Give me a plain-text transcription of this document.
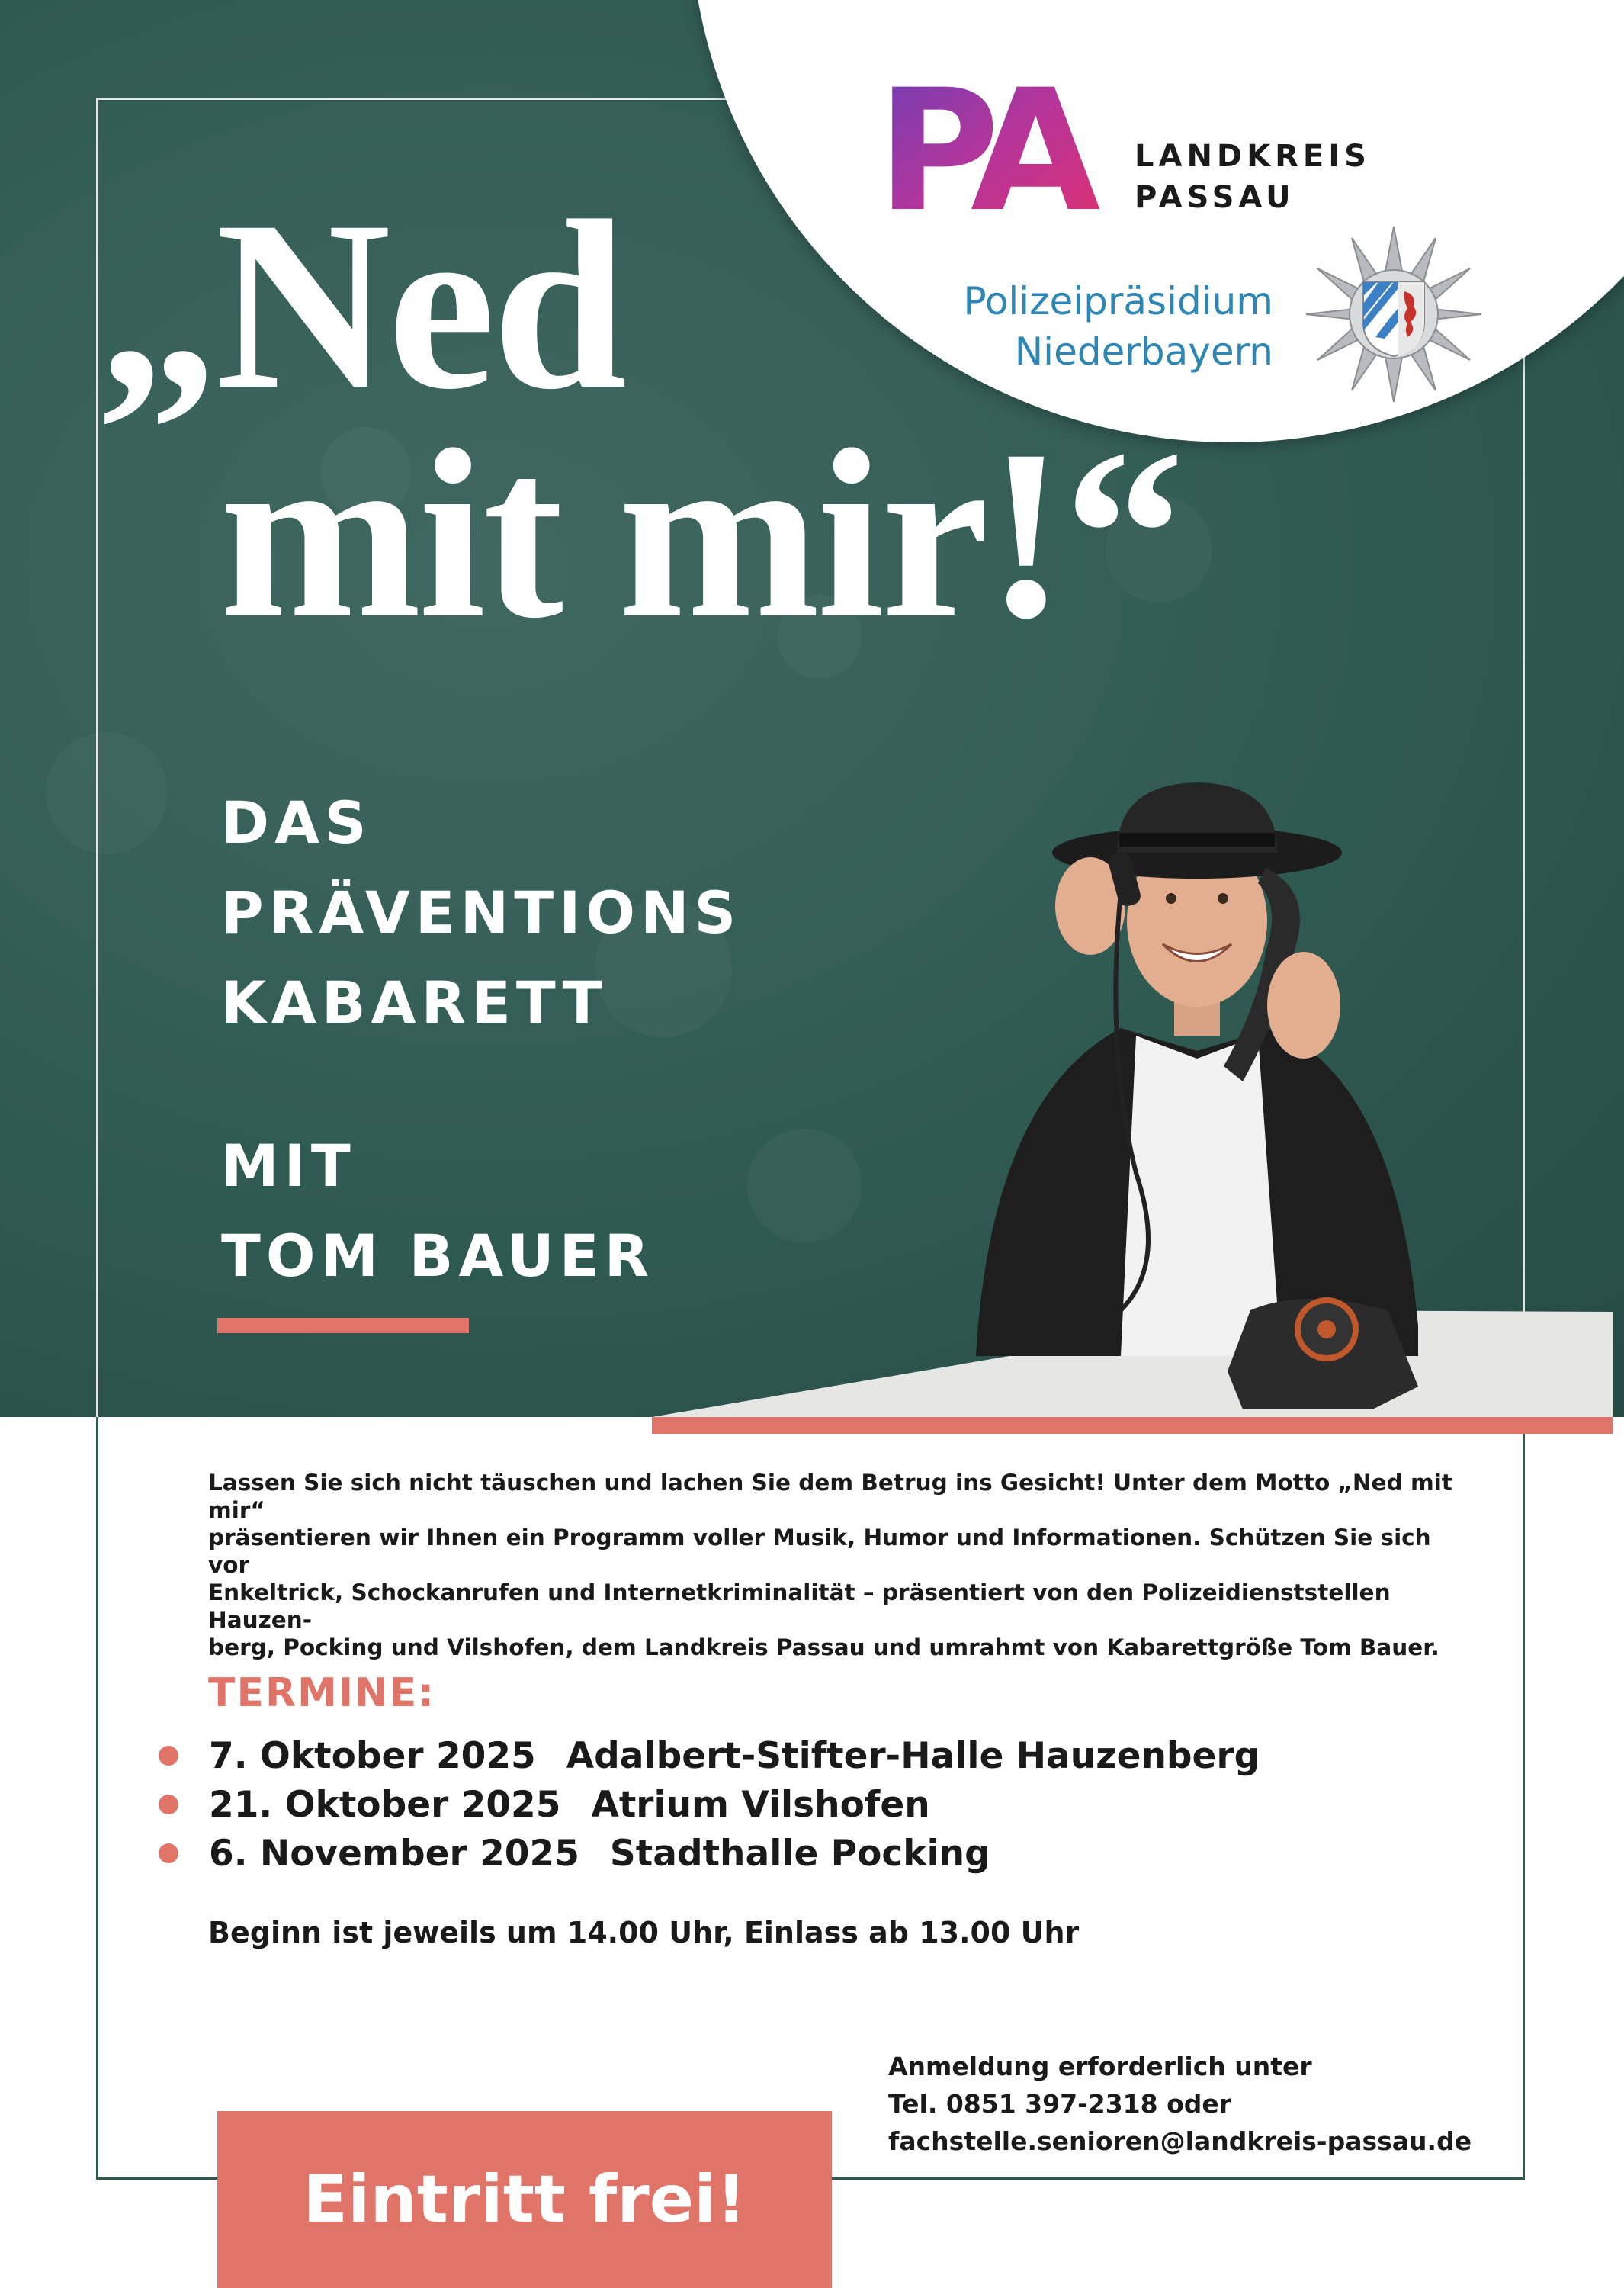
PA	LANDKREIS
PASSAU
Polizeipräsidium
Niederbayern
„Ned
mit mir!“
DAS
PRÄVENTIONS
KABARETT
MIT
TOM BAUER
Lassen Sie sich nicht täuschen und lachen Sie dem Betrug ins Gesicht! Unter dem Motto „Ned mit mir“
präsentieren wir Ihnen ein Programm voller Musik, Humor und Informationen. Schützen Sie sich vor
Enkeltrick, Schockanrufen und Internetkriminalität – präsentiert von den Polizeidienststellen Hauzen-
berg, Pocking und Vilshofen, dem Landkreis Passau und umrahmt von Kabarettgröße Tom Bauer.
TERMINE:
7. Oktober 2025 Adalbert-Stifter-Halle Hauzenberg
21. Oktober 2025 Atrium Vilshofen
6. November 2025 Stadthalle Pocking
Beginn ist jeweils um 14.00 Uhr, Einlass ab 13.00 Uhr
Anmeldung erforderlich unter
Tel. 0851 397-2318 oder
fachstelle.senioren@landkreis-passau.de
Eintritt frei!
